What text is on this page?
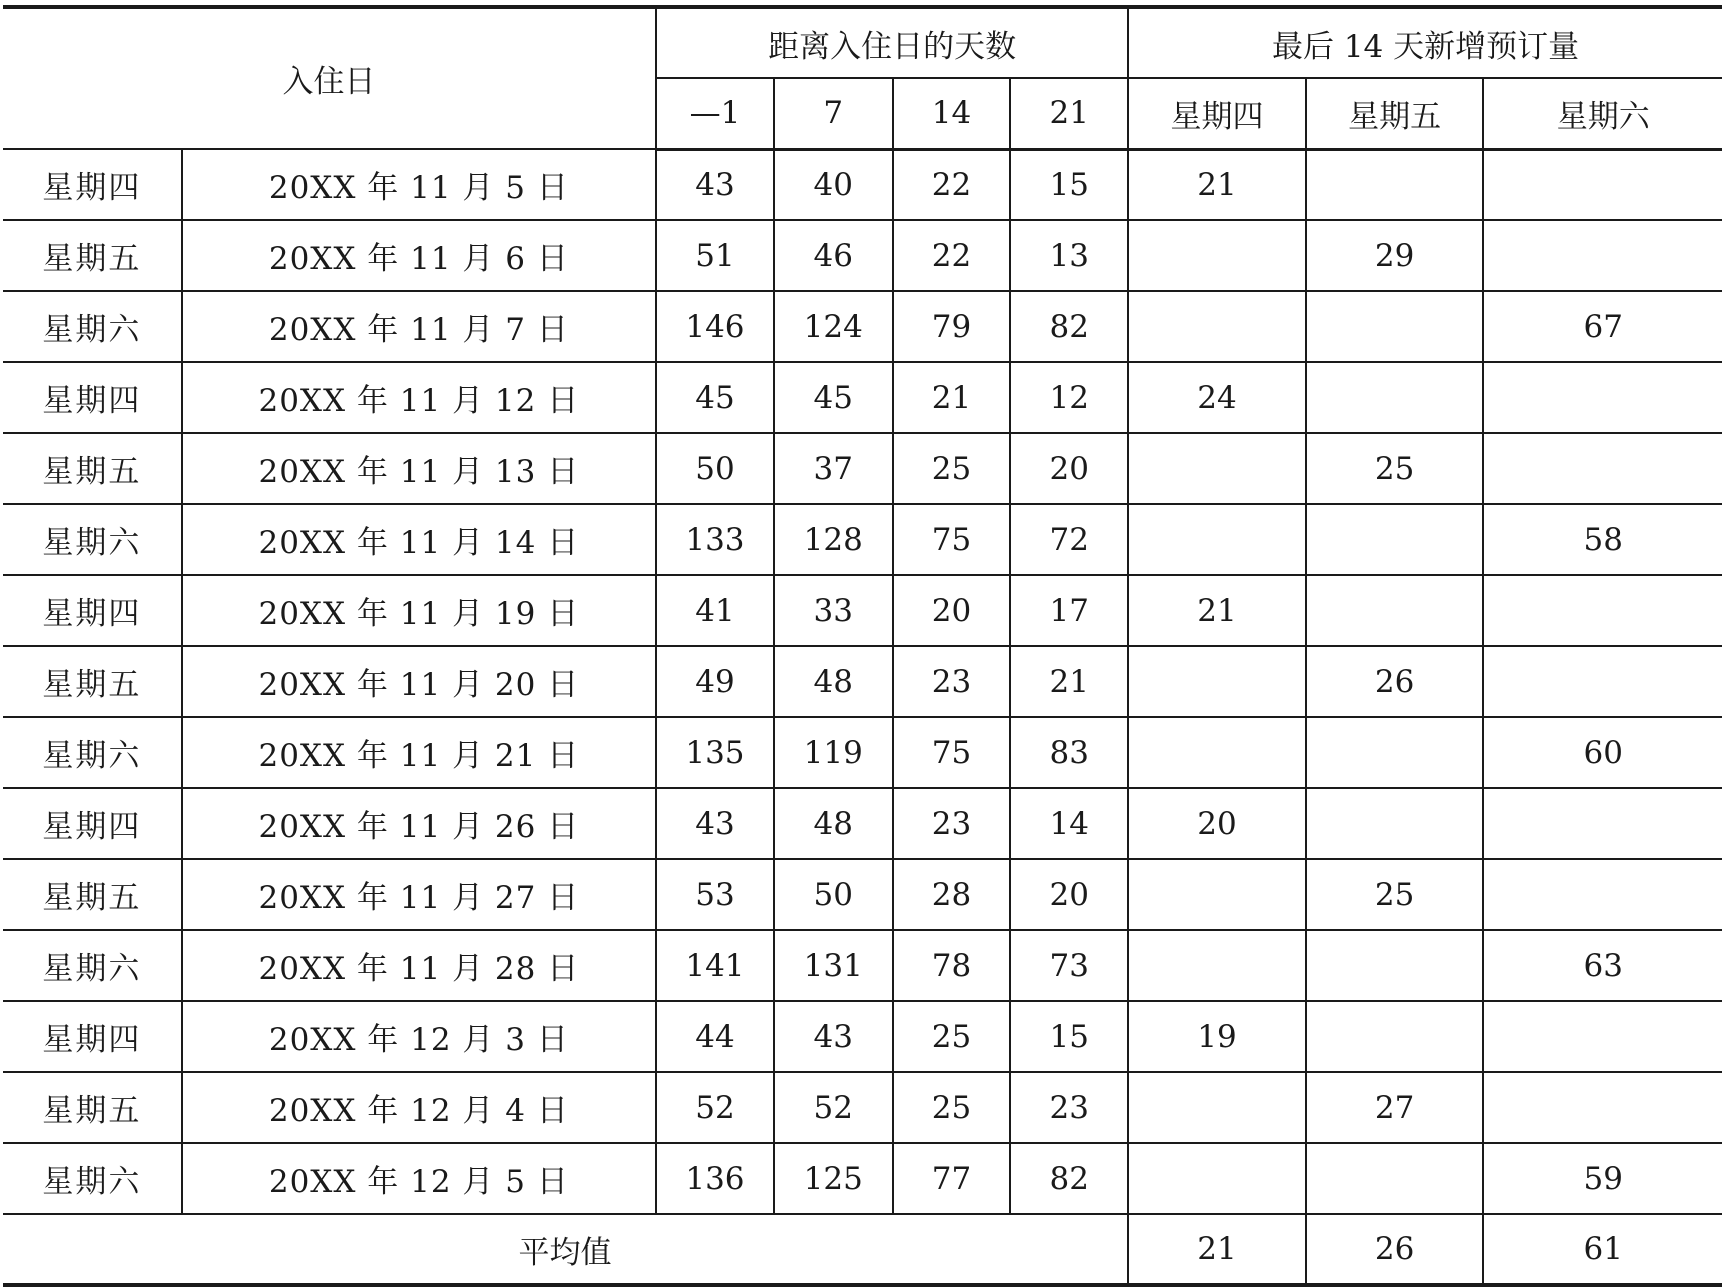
入住日		距离入住日的天数				最后 14 天新增预订量		
		—1	7	14	21	星期四	星期五	星期六
星期四	20XX 年 11 月 5 日	43	40	22	15	21		
星期五	20XX 年 11 月 6 日	51	46	22	13		29	
星期六	20XX 年 11 月 7 日	146	124	79	82			67
星期四	20XX 年 11 月 12 日	45	45	21	12	24		
星期五	20XX 年 11 月 13 日	50	37	25	20		25	
星期六	20XX 年 11 月 14 日	133	128	75	72			58
星期四	20XX 年 11 月 19 日	41	33	20	17	21		
星期五	20XX 年 11 月 20 日	49	48	23	21		26	
星期六	20XX 年 11 月 21 日	135	119	75	83			60
星期四	20XX 年 11 月 26 日	43	48	23	14	20		
星期五	20XX 年 11 月 27 日	53	50	28	20		25	
星期六	20XX 年 11 月 28 日	141	131	78	73			63
星期四	20XX 年 12 月 3 日	44	43	25	15	19		
星期五	20XX 年 12 月 4 日	52	52	25	23		27	
星期六	20XX 年 12 月 5 日	136	125	77	82			59
平均值						21	26	61
